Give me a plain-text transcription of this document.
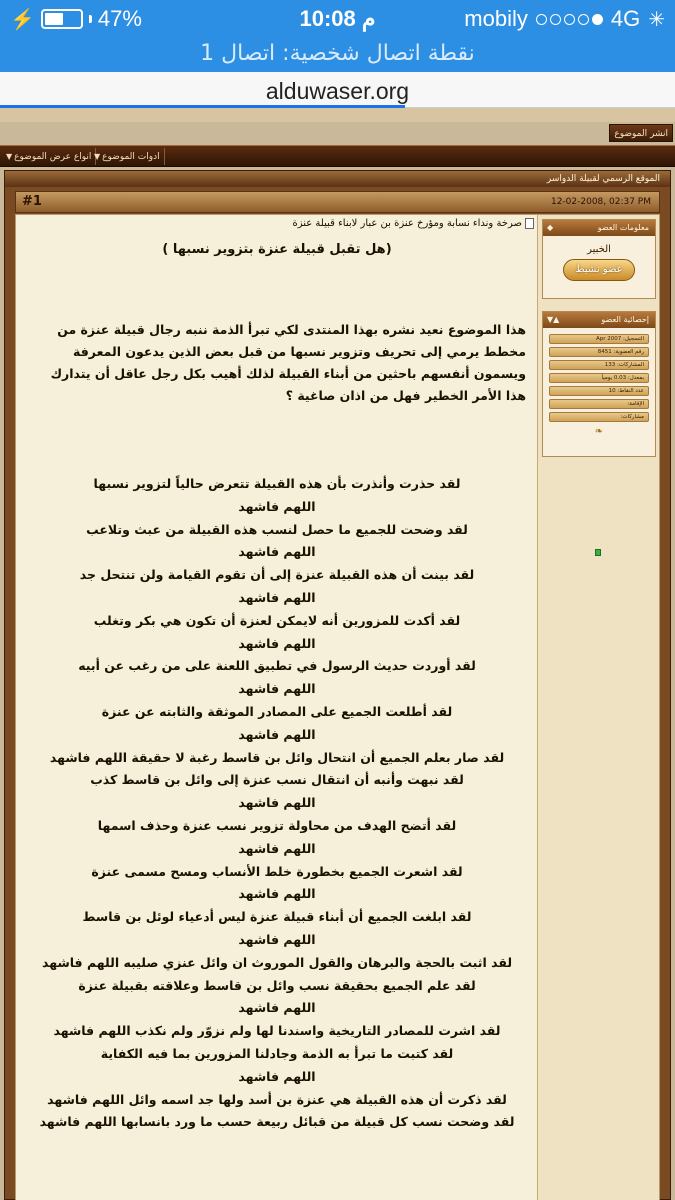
⚡	47%	10:08 م	mobily	4G ✳
نقطة اتصال شخصية: اتصال 1
alduwaser.org
انشر الموضوع
▼ انواع عرض الموضوع ▼ ادوات الموضوع
الموقع الرسمي لقبيلة الدواسر
#1	12-02-2008, 02:37 PM
◆	معلومات العضو
الخبير
عضو نشيط
▲▼	إحصائية العضو
التسجيل: Apr 2007
رقم العضوية: 8451
المشاركات: 133
بمعدل: 0.03 يومياً
عدد النقاط: 10
الإقامة:
مشاركات:
❧
صرخة ونداء نسابة ومؤرخ عنزة بن عبار لابناء قبيلة عنزة
(هل تقبل قبيلة عنزة بتزوير نسبها )
هذا الموضوع نعيد نشره بهذا المنتدى لكي تبرأ الذمة ننبه رجال قبيلة عنزة من مخطط يرمي إلى تحريف وتزوير نسبها من قبل بعض الذين يدعون المعرفة ويسمون أنفسهم باحثين من أبناء القبيلة لذلك أهيب بكل رجل عاقل أن يتدارك هذا الأمر الخطير فهل من اذان صاغية ؟
لقد حذرت وأنذرت بأن هذه القبيلة تتعرض حالياً لتزوير نسبها
اللهم فاشهد
لقد وضحت للجميع ما حصل لنسب هذه القبيلة من عبث وتلاعب
اللهم فاشهد
لقد بينت أن هذه القبيلة عنزة إلى أن تقوم القيامة ولن تنتحل جد
اللهم فاشهد
لقد أكدت للمزورين أنه لايمكن لعنزة أن تكون هي بكر وتغلب
اللهم فاشهد
لقد أوردت حديث الرسول في تطبيق اللعنة على من رغب عن أبيه
اللهم فاشهد
لقد أطلعت الجميع على المصادر الموثقة والثابته عن عنزة
اللهم فاشهد
لقد صار بعلم الجميع أن انتحال وائل بن قاسط رغبة لا حقيقة اللهم فاشهد
لقد نبهت وأنبه أن انتقال نسب عنزة إلى وائل بن قاسط كذب
اللهم فاشهد
لقد أتضح الهدف من محاولة تزوير نسب عنزة وحذف اسمها
اللهم فاشهد
لقد اشعرت الجميع بخطورة خلط الأنساب ومسح مسمى عنزة
اللهم فاشهد
لقد ابلغت الجميع أن أبناء قبيلة عنزة ليس أدعياء لوئل بن قاسط
اللهم فاشهد
لقد اثبت بالحجة والبرهان والقول الموروث ان وائل عنزي صليبه اللهم فاشهد
لقد علم الجميع بحقيقة نسب وائل بن قاسط وعلاقته بقبيلة عنزة
اللهم فاشهد
لقد اشرت للمصادر التاريخية واسندنا لها ولم نزوّر ولم نكذب اللهم فاشهد
لقد كتبت ما تبرأ به الذمة وجادلنا المزورين بما فيه الكفاية
اللهم فاشهد
لقد ذكرت أن هذه القبيلة هي عنزة بن أسد ولها جد اسمه وائل اللهم فاشهد
لقد وضحت نسب كل قبيلة من قبائل ربيعة حسب ما ورد بانسابها اللهم فاشهد
